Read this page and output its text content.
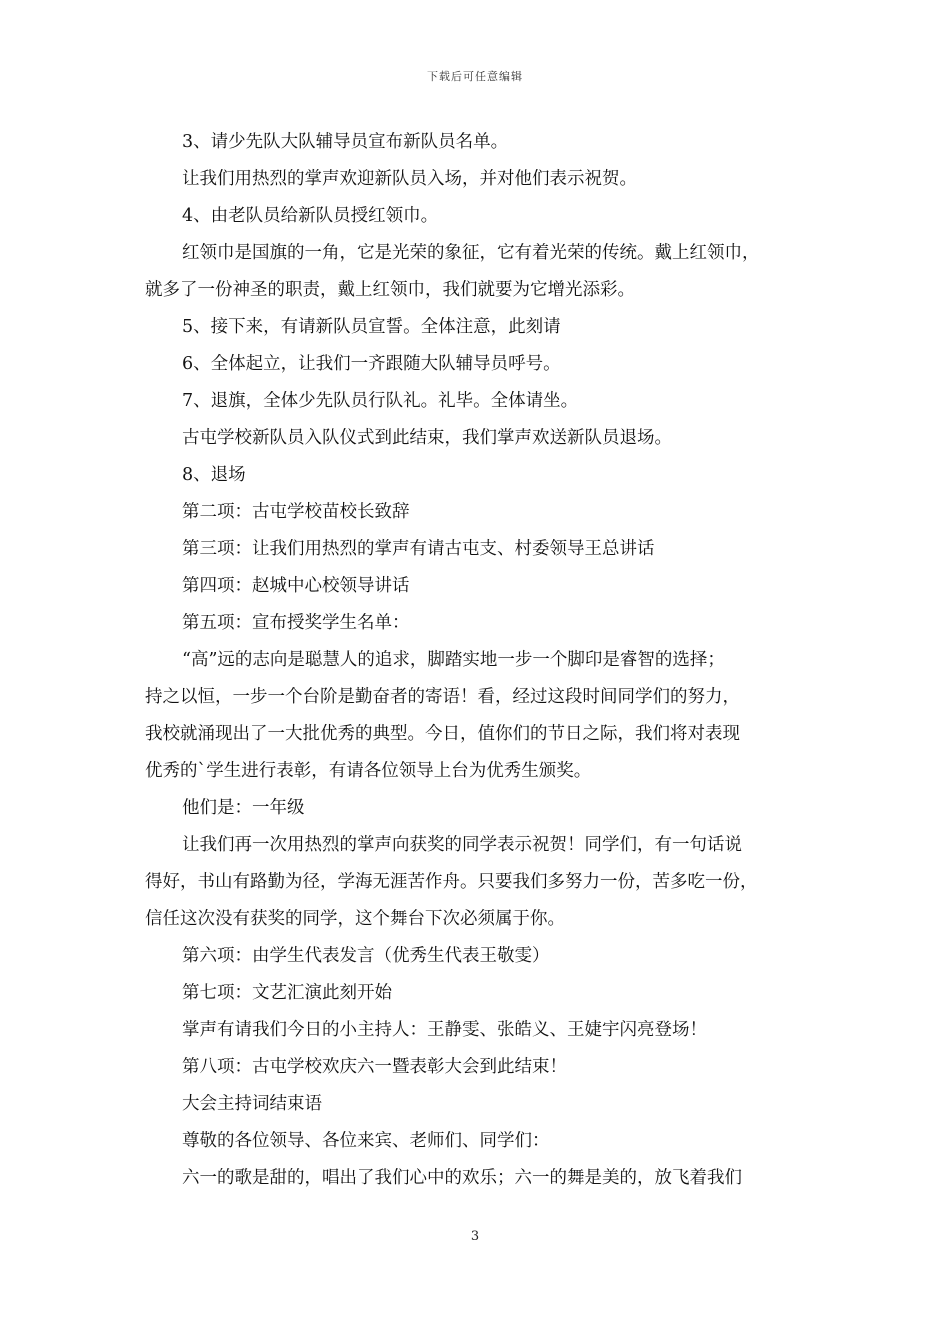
下载后可任意编辑

3、请少先队大队辅导员宣布新队员名单。

让我们用热烈的掌声欢迎新队员入场，并对他们表示祝贺。

4、由老队员给新队员授红领巾。

红领巾是国旗的一角，它是光荣的象征，它有着光荣的传统。戴上红领巾，
就多了一份神圣的职责，戴上红领巾，我们就要为它增光添彩。

5、接下来，有请新队员宣誓。全体注意，此刻请

6、全体起立，让我们一齐跟随大队辅导员呼号。

7、退旗，全体少先队员行队礼。礼毕。全体请坐。

古屯学校新队员入队仪式到此结束，我们掌声欢送新队员退场。

8、退场

第二项：古屯学校苗校长致辞

第三项：让我们用热烈的掌声有请古屯支、村委领导王总讲话

第四项：赵城中心校领导讲话

第五项：宣布授奖学生名单：

“高”远的志向是聪慧人的追求，脚踏实地一步一个脚印是睿智的选择；
持之以恒，一步一个台阶是勤奋者的寄语！看，经过这段时间同学们的努力，
我校就涌现出了一大批优秀的典型。今日，值你们的节日之际，我们将对表现
优秀的`学生进行表彰，有请各位领导上台为优秀生颁奖。

他们是：一年级

让我们再一次用热烈的掌声向获奖的同学表示祝贺！同学们，有一句话说
得好，书山有路勤为径，学海无涯苦作舟。只要我们多努力一份，苦多吃一份，
信任这次没有获奖的同学，这个舞台下次必须属于你。

第六项：由学生代表发言（优秀生代表王敬雯）

第七项：文艺汇演此刻开始

掌声有请我们今日的小主持人：王静雯、张皓义、王婕宇闪亮登场！

第八项：古屯学校欢庆六一暨表彰大会到此结束！

大会主持词结束语

尊敬的各位领导、各位来宾、老师们、同学们：

六一的歌是甜的，唱出了我们心中的欢乐；六一的舞是美的，放飞着我们

3
